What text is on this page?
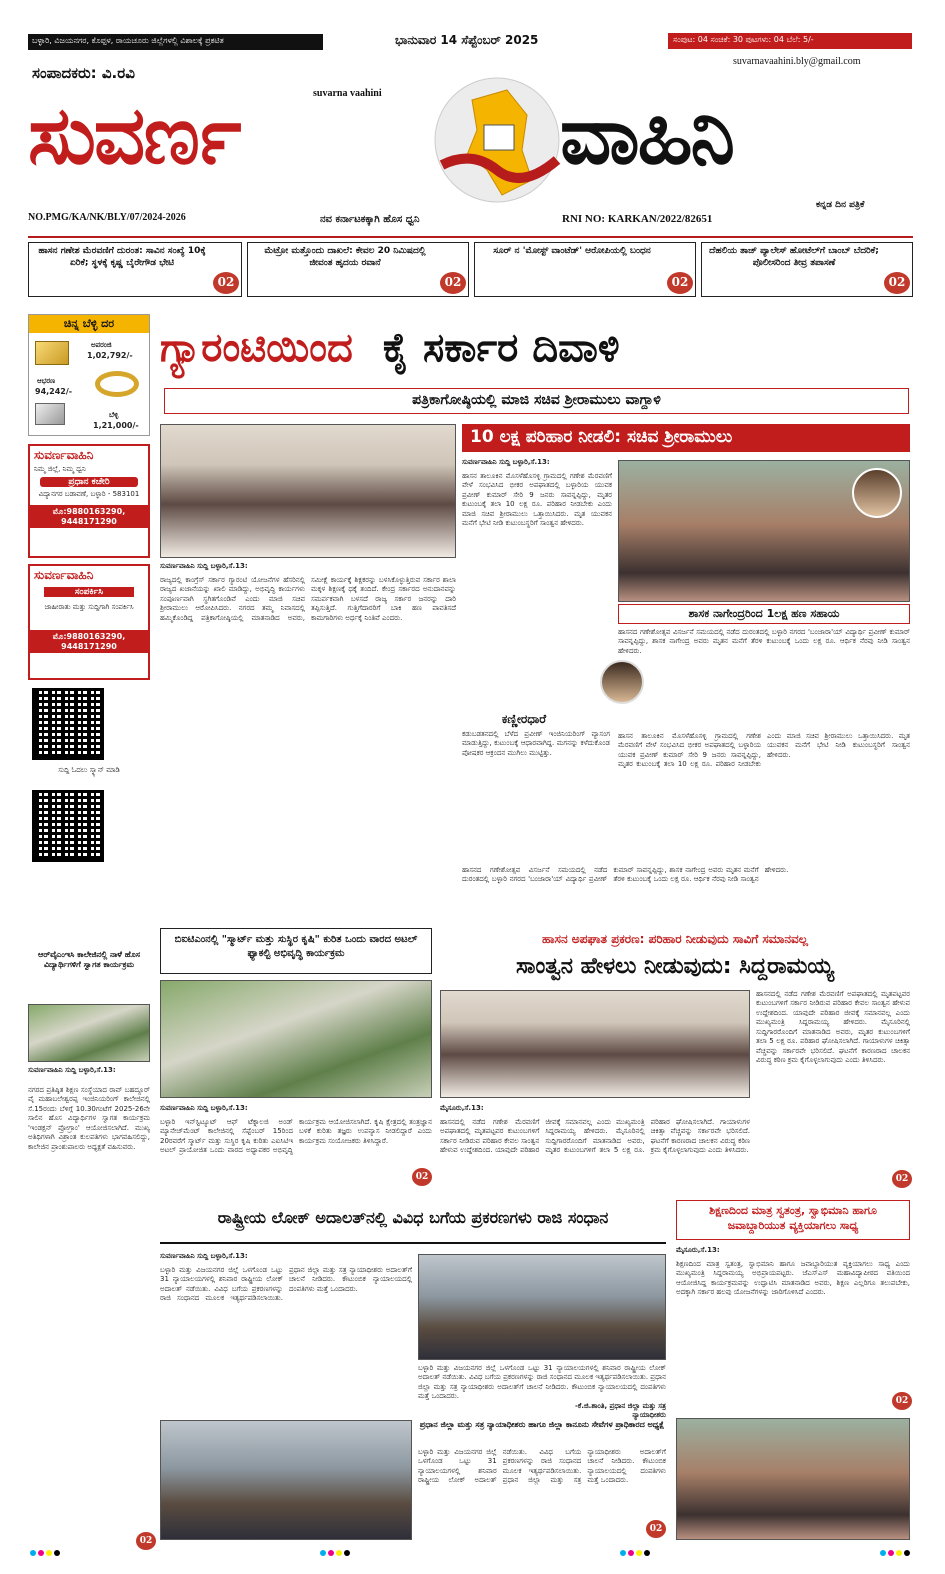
ಬಳ್ಳಾರಿ, ವಿಜಯನಗರ, ಕೊಪ್ಪಳ, ರಾಯಚೂರು ಜಿಲ್ಲೆಗಳಲ್ಲಿ ವಿಶಾಲಕ್ಕೆ ಪ್ರಕಟಿತ	ಭಾನುವಾರ 14 ಸೆಪ್ಟೆಂಬರ್ 2025	ಸಂಪುಟ: 04 ಸಂಚಿಕೆ: 30 ಪುಟಗಳು: 04 ಬೆಲೆ: 5/-
suvarnavaahini.bly@gmail.com
ಸಂಪಾದಕರು: ವಿ.ರವಿ
suvarna vaahini
ಸುವರ್ಣ	ವಾಹಿನಿ
NO.PMG/KA/NK/BLY/07/2024-2026	ನವ ಕರ್ನಾಟಕಕ್ಕಾಗಿ ಹೊಸ ಧ್ವನಿ	RNI NO: KARKAN/2022/82651
ಕನ್ನಡ ದಿನ ಪತ್ರಿಕೆ
ಹಾಸನ ಗಣೇಶ ಮೆರವಣಿಗೆ ದುರಂತ: ಸಾವಿನ ಸಂಖ್ಯೆ 10ಕ್ಕೆ ಏರಿಕೆ; ಸ್ಥಳಕ್ಕೆ ಕೃಷ್ಣ ಬೈರೇಗೌಡ ಭೇಟಿ
02
ಮೆಟ್ರೋ ಮತ್ತೊಂದು ದಾಖಲೆ: ಕೇವಲ 20 ನಿಮಿಷದಲ್ಲಿ ಜೀವಂತ ಹೃದಯ ರವಾನೆ
02
ಸೂರ್ ನ 'ಮೋಸ್ಟ್ ವಾಂಟೆಡ್' ಆರೋಪಿಯಲ್ಲಿ ಬಂಧನ
02
ದೆಹಲಿಯ ತಾಜ್ ಪ್ಯಾಲೇಸ್ ಹೋಟೆಲ್‌ಗೆ ಬಾಂಬ್ ಬೆದರಿಕೆ; ಪೊಲೀಸರಿಂದ ತೀವ್ರ ತಪಾಸಣೆ
02
ಚಿನ್ನ ಬೆಳ್ಳಿ ದರ
ಅಪರಂಜಿ
1,02,792/-
ಆಭರಣ
94,242/-
ಬೆಳ್ಳಿ
1,21,000/-
ಸುವರ್ಣವಾಹಿನಿ
ನಿಮ್ಮ ಜಿಲ್ಲೆ, ನಿಮ್ಮ ಧ್ವನಿ
ಪ್ರಧಾನ ಕಚೇರಿ
ವಿದ್ಯಾನಗರ ಬಡಾವಣೆ, ಬಳ್ಳಾರಿ - 583101
ಮೊ:9880163290, 9448171290
ಸುವರ್ಣವಾಹಿನಿ
ಸಂಪರ್ಕಿಸಿ
ಜಾಹೀರಾತು ಮತ್ತು ಸುದ್ದಿಗಾಗಿ ಸಂಪರ್ಕಿಸಿ
ಮೊ:9880163290, 9448171290
ಸುದ್ದಿ ಓದಲು ಸ್ಕ್ಯಾನ್ ಮಾಡಿ
ಆರ್‌ವೈಎಂಇಸಿ ಕಾಲೇಜಿನಲ್ಲಿ ನಾಳೆ ಹೊಸ ವಿದ್ಯಾರ್ಥಿಗಳಿಗೆ ಸ್ವಾಗತ ಕಾರ್ಯಕ್ರಮ
ಸುವರ್ಣವಾಹಿನಿ ಸುದ್ದಿ ಬಳ್ಳಾರಿ,ಸೆ.13:
ನಗರದ ಪ್ರತಿಷ್ಠಿತ ಶಿಕ್ಷಣ ಸಂಸ್ಥೆಯಾದ ರಾವ್ ಬಹದ್ದೂರ್ ವೈ ಮಹಾಬಲೇಶ್ವರಪ್ಪ ಇಂಜಿನಿಯರಿಂಗ್ ಕಾಲೇಜಿನಲ್ಲಿ ಸೆ.15ರಂದು ಬೆಳಿಗ್ಗೆ 10.30ಗಂಟೆಗೆ 2025-26ನೇ ಸಾಲಿನ ಹೊಸ ವಿದ್ಯಾರ್ಥಿಗಳ ಸ್ವಾಗತ ಕಾರ್ಯಕ್ರಮ 'ಇಂಡಕ್ಷನ್ ಪ್ರೋಗ್ರಾಂ' ಆಯೋಜಿಸಲಾಗಿದೆ. ಮುಖ್ಯ ಅತಿಥಿಗಳಾಗಿ ವಿಶ್ರಾಂತ ಕುಲಪತಿಗಳು ಭಾಗವಹಿಸಲಿದ್ದು, ಕಾಲೇಜಿನ ಪ್ರಾಂಶುಪಾಲರು ಅಧ್ಯಕ್ಷತೆ ವಹಿಸುವರು.
02
ಗ್ಯಾರಂಟಿಯಿಂದ ಕೈ ಸರ್ಕಾರ ದಿವಾಳಿ
ಪತ್ರಿಕಾಗೋಷ್ಠಿಯಲ್ಲಿ ಮಾಜಿ ಸಚಿವ ಶ್ರೀರಾಮುಲು ವಾಗ್ದಾಳಿ
ಸುವರ್ಣವಾಹಿನಿ ಸುದ್ದಿ ಬಳ್ಳಾರಿ,ಸೆ.13:
ರಾಜ್ಯದಲ್ಲಿ ಕಾಂಗ್ರೆಸ್ ಸರ್ಕಾರ ಗ್ಯಾರಂಟಿ ಯೋಜನೆಗಳ ಹೆಸರಿನಲ್ಲಿ ರಾಜ್ಯದ ಖಜಾನೆಯನ್ನು ಖಾಲಿ ಮಾಡಿದ್ದು, ಅಭಿವೃದ್ಧಿ ಕಾರ್ಯಗಳು ಸಂಪೂರ್ಣವಾಗಿ ಸ್ಥಗಿತಗೊಂಡಿವೆ ಎಂದು ಮಾಜಿ ಸಚಿವ ಶ್ರೀರಾಮುಲು ಆರೋಪಿಸಿದರು. ನಗರದ ತಮ್ಮ ನಿವಾಸದಲ್ಲಿ ಹಮ್ಮಿಕೊಂಡಿದ್ದ ಪತ್ರಿಕಾಗೋಷ್ಠಿಯಲ್ಲಿ ಮಾತನಾಡಿದ ಅವರು, ಸಮೀಕ್ಷೆ ಕಾರ್ಯಕ್ಕೆ ಶಿಕ್ಷಕರನ್ನು ಬಳಸಿಕೊಳ್ಳುತ್ತಿರುವ ಸರ್ಕಾರ ಶಾಲಾ ಮಕ್ಕಳ ಶಿಕ್ಷಣಕ್ಕೆ ಧಕ್ಕೆ ತಂದಿದೆ. ಕೇಂದ್ರ ಸರ್ಕಾರದ ಅನುದಾನವನ್ನು ಸಮರ್ಪಕವಾಗಿ ಬಳಸದೆ ರಾಜ್ಯ ಸರ್ಕಾರ ಜನರನ್ನು ದಾರಿ ತಪ್ಪಿಸುತ್ತಿದೆ. ಗುತ್ತಿಗೆದಾರರಿಗೆ ಬಾಕಿ ಹಣ ಪಾವತಿಸದೆ ಕಾಮಗಾರಿಗಳು ಅರ್ಧಕ್ಕೆ ನಿಂತಿವೆ ಎಂದರು.
10 ಲಕ್ಷ ಪರಿಹಾರ ನೀಡಲಿ: ಸಚಿವ ಶ್ರೀರಾಮುಲು
ಸುವರ್ಣವಾಹಿನಿ ಸುದ್ದಿ ಬಳ್ಳಾರಿ,ಸೆ.13:
ಹಾಸನ ತಾಲೂಕಿನ ಮೊಸಳೆಹೊಸಳ್ಳಿ ಗ್ರಾಮದಲ್ಲಿ ಗಣೇಶ ಮೆರವಣಿಗೆ ವೇಳೆ ಸಂಭವಿಸಿದ ಭೀಕರ ಅಪಘಾತದಲ್ಲಿ ಬಳ್ಳಾರಿಯ ಯುವಕ ಪ್ರವೀಣ್ ಕುಮಾರ್ ಸೇರಿ 9 ಜನರು ಸಾವನ್ನಪ್ಪಿದ್ದು, ಮೃತರ ಕುಟುಂಬಕ್ಕೆ ತಲಾ 10 ಲಕ್ಷ ರೂ. ಪರಿಹಾರ ನೀಡಬೇಕು ಎಂದು ಮಾಜಿ ಸಚಿವ ಶ್ರೀರಾಮುಲು ಒತ್ತಾಯಿಸಿದರು. ಮೃತ ಯುವಕನ ಮನೆಗೆ ಭೇಟಿ ನೀಡಿ ಕುಟುಂಬಸ್ಥರಿಗೆ ಸಾಂತ್ವನ ಹೇಳಿದರು.
ಶಾಸಕ ನಾಗೇಂದ್ರರಿಂದ 1ಲಕ್ಷ ಹಣ ಸಹಾಯ
ಹಾಸನದ ಗಣೇಶೋತ್ಸವ ವಿಸರ್ಜನೆ ಸಮಯದಲ್ಲಿ ನಡೆದ ದುರಂತದಲ್ಲಿ ಬಳ್ಳಾರಿ ನಗರದ 'ಬಂಜಾರಾ'ಯ್ ವಿದ್ಯಾರ್ಥಿ ಪ್ರವೀಣ್ ಕುಮಾರ್ ಸಾವನ್ನಪ್ಪಿದ್ದು, ಶಾಸಕ ನಾಗೇಂದ್ರ ಅವರು ಮೃತನ ಮನೆಗೆ ತೆರಳಿ ಕುಟುಂಬಕ್ಕೆ ಒಂದು ಲಕ್ಷ ರೂ. ಆರ್ಥಿಕ ನೆರವು ನೀಡಿ ಸಾಂತ್ವನ ಹೇಳಿದರು.
ಕಣ್ಣೀರಧಾರೆ
ಕಡುಬಡತನದಲ್ಲಿ ಬೆಳೆದ ಪ್ರವೀಣ್ ಇಂಜಿನಿಯರಿಂಗ್ ವ್ಯಾಸಂಗ ಮಾಡುತ್ತಿದ್ದು, ಕುಟುಂಬಕ್ಕೆ ಆಧಾರವಾಗಿದ್ದ. ಮಗನನ್ನು ಕಳೆದುಕೊಂಡ ಪೋಷಕರ ಆಕ್ರಂದನ ಮುಗಿಲು ಮುಟ್ಟಿತ್ತು.
ಹಾಸನ ತಾಲೂಕಿನ ಮೊಸಳೆಹೊಸಳ್ಳಿ ಗ್ರಾಮದಲ್ಲಿ ಗಣೇಶ ಮೆರವಣಿಗೆ ವೇಳೆ ಸಂಭವಿಸಿದ ಭೀಕರ ಅಪಘಾತದಲ್ಲಿ ಬಳ್ಳಾರಿಯ ಯುವಕ ಪ್ರವೀಣ್ ಕುಮಾರ್ ಸೇರಿ 9 ಜನರು ಸಾವನ್ನಪ್ಪಿದ್ದು, ಮೃತರ ಕುಟುಂಬಕ್ಕೆ ತಲಾ 10 ಲಕ್ಷ ರೂ. ಪರಿಹಾರ ನೀಡಬೇಕು ಎಂದು ಮಾಜಿ ಸಚಿವ ಶ್ರೀರಾಮುಲು ಒತ್ತಾಯಿಸಿದರು. ಮೃತ ಯುವಕನ ಮನೆಗೆ ಭೇಟಿ ನೀಡಿ ಕುಟುಂಬಸ್ಥರಿಗೆ ಸಾಂತ್ವನ ಹೇಳಿದರು.
ಹಾಸನದ ಗಣೇಶೋತ್ಸವ ವಿಸರ್ಜನೆ ಸಮಯದಲ್ಲಿ ನಡೆದ ದುರಂತದಲ್ಲಿ ಬಳ್ಳಾರಿ ನಗರದ 'ಬಂಜಾರಾ'ಯ್ ವಿದ್ಯಾರ್ಥಿ ಪ್ರವೀಣ್ ಕುಮಾರ್ ಸಾವನ್ನಪ್ಪಿದ್ದು, ಶಾಸಕ ನಾಗೇಂದ್ರ ಅವರು ಮೃತನ ಮನೆಗೆ ತೆರಳಿ ಕುಟುಂಬಕ್ಕೆ ಒಂದು ಲಕ್ಷ ರೂ. ಆರ್ಥಿಕ ನೆರವು ನೀಡಿ ಸಾಂತ್ವನ ಹೇಳಿದರು.
ಬಿಐಟಿಎಂನಲ್ಲಿ "ಸ್ಮಾರ್ಟ್ ಮತ್ತು ಸುಸ್ಥಿರ ಕೃಷಿ" ಕುರಿತ ಒಂದು ವಾರದ ಅಟಲ್ ಫ್ಯಾಕಲ್ಟಿ ಅಭಿವೃದ್ಧಿ ಕಾರ್ಯಕ್ರಮ
ಸುವರ್ಣವಾಹಿನಿ ಸುದ್ದಿ ಬಳ್ಳಾರಿ,ಸೆ.13:
ಬಳ್ಳಾರಿ ಇನ್‌ಸ್ಟಿಟ್ಯೂಟ್ ಆಫ್ ಟೆಕ್ನಾಲಜಿ ಅಂಡ್ ಮ್ಯಾನೇಜ್‌ಮೆಂಟ್ ಕಾಲೇಜಿನಲ್ಲಿ ಸೆಪ್ಟೆಂಬರ್ 15ರಿಂದ 20ರವರೆಗೆ ಸ್ಮಾರ್ಟ್ ಮತ್ತು ಸುಸ್ಥಿರ ಕೃಷಿ ಕುರಿತು ಎಐಸಿಟಿಇ ಅಟಲ್ ಪ್ರಾಯೋಜಿತ ಒಂದು ವಾರದ ಅಧ್ಯಾಪಕರ ಅಭಿವೃದ್ಧಿ ಕಾರ್ಯಕ್ರಮ ಆಯೋಜಿಸಲಾಗಿದೆ. ಕೃಷಿ ಕ್ಷೇತ್ರದಲ್ಲಿ ತಂತ್ರಜ್ಞಾನ ಬಳಕೆ ಕುರಿತು ತಜ್ಞರು ಉಪನ್ಯಾಸ ನೀಡಲಿದ್ದಾರೆ ಎಂದು ಕಾರ್ಯಕ್ರಮ ಸಂಯೋಜಕರು ತಿಳಿಸಿದ್ದಾರೆ.
02
ಹಾಸನ ಅಪಘಾತ ಪ್ರಕರಣ: ಪರಿಹಾರ ನೀಡುವುದು ಸಾವಿಗೆ ಸಮಾನವಲ್ಲ
ಸಾಂತ್ವನ ಹೇಳಲು ನೀಡುವುದು: ಸಿದ್ದರಾಮಯ್ಯ
ಮೈಸೂರು,ಸೆ.13:
ಹಾಸನದಲ್ಲಿ ನಡೆದ ಗಣೇಶ ಮೆರವಣಿಗೆ ಅಪಘಾತದಲ್ಲಿ ಮೃತಪಟ್ಟವರ ಕುಟುಂಬಗಳಿಗೆ ಸರ್ಕಾರ ನೀಡಿರುವ ಪರಿಹಾರ ಕೇವಲ ಸಾಂತ್ವನ ಹೇಳುವ ಉದ್ದೇಶದಿಂದ. ಯಾವುದೇ ಪರಿಹಾರ ಜೀವಕ್ಕೆ ಸಮಾನವಲ್ಲ ಎಂದು ಮುಖ್ಯಮಂತ್ರಿ ಸಿದ್ದರಾಮಯ್ಯ ಹೇಳಿದರು. ಮೈಸೂರಿನಲ್ಲಿ ಸುದ್ದಿಗಾರರೊಂದಿಗೆ ಮಾತನಾಡಿದ ಅವರು, ಮೃತರ ಕುಟುಂಬಗಳಿಗೆ ತಲಾ 5 ಲಕ್ಷ ರೂ. ಪರಿಹಾರ ಘೋಷಿಸಲಾಗಿದೆ. ಗಾಯಾಳುಗಳ ಚಿಕಿತ್ಸಾ ವೆಚ್ಚವನ್ನು ಸರ್ಕಾರವೇ ಭರಿಸಲಿದೆ. ಘಟನೆಗೆ ಕಾರಣರಾದ ಚಾಲಕನ ವಿರುದ್ಧ ಕಠಿಣ ಕ್ರಮ ಕೈಗೊಳ್ಳಲಾಗುವುದು ಎಂದು ತಿಳಿಸಿದರು.
ಹಾಸನದಲ್ಲಿ ನಡೆದ ಗಣೇಶ ಮೆರವಣಿಗೆ ಅಪಘಾತದಲ್ಲಿ ಮೃತಪಟ್ಟವರ ಕುಟುಂಬಗಳಿಗೆ ಸರ್ಕಾರ ನೀಡಿರುವ ಪರಿಹಾರ ಕೇವಲ ಸಾಂತ್ವನ ಹೇಳುವ ಉದ್ದೇಶದಿಂದ. ಯಾವುದೇ ಪರಿಹಾರ ಜೀವಕ್ಕೆ ಸಮಾನವಲ್ಲ ಎಂದು ಮುಖ್ಯಮಂತ್ರಿ ಸಿದ್ದರಾಮಯ್ಯ ಹೇಳಿದರು. ಮೈಸೂರಿನಲ್ಲಿ ಸುದ್ದಿಗಾರರೊಂದಿಗೆ ಮಾತನಾಡಿದ ಅವರು, ಮೃತರ ಕುಟುಂಬಗಳಿಗೆ ತಲಾ 5 ಲಕ್ಷ ರೂ. ಪರಿಹಾರ ಘೋಷಿಸಲಾಗಿದೆ. ಗಾಯಾಳುಗಳ ಚಿಕಿತ್ಸಾ ವೆಚ್ಚವನ್ನು ಸರ್ಕಾರವೇ ಭರಿಸಲಿದೆ. ಘಟನೆಗೆ ಕಾರಣರಾದ ಚಾಲಕನ ವಿರುದ್ಧ ಕಠಿಣ ಕ್ರಮ ಕೈಗೊಳ್ಳಲಾಗುವುದು ಎಂದು ತಿಳಿಸಿದರು.
02
ರಾಷ್ಟ್ರೀಯ ಲೋಕ್ ಅದಾಲತ್‌ನಲ್ಲಿ ವಿವಿಧ ಬಗೆಯ ಪ್ರಕರಣಗಳು ರಾಜಿ ಸಂಧಾನ
ಸುವರ್ಣವಾಹಿನಿ ಸುದ್ದಿ ಬಳ್ಳಾರಿ,ಸೆ.13:
ಬಳ್ಳಾರಿ ಮತ್ತು ವಿಜಯನಗರ ಜಿಲ್ಲೆ ಒಳಗೊಂಡ ಒಟ್ಟು 31 ನ್ಯಾಯಾಲಯಗಳಲ್ಲಿ ಶನಿವಾರ ರಾಷ್ಟ್ರೀಯ ಲೋಕ್ ಅದಾಲತ್ ನಡೆಯಿತು. ವಿವಿಧ ಬಗೆಯ ಪ್ರಕರಣಗಳನ್ನು ರಾಜಿ ಸಂಧಾನದ ಮೂಲಕ ಇತ್ಯರ್ಥಪಡಿಸಲಾಯಿತು. ಪ್ರಧಾನ ಜಿಲ್ಲಾ ಮತ್ತು ಸತ್ರ ನ್ಯಾಯಾಧೀಶರು ಅದಾಲತ್‌ಗೆ ಚಾಲನೆ ನೀಡಿದರು. ಕೌಟುಂಬಿಕ ನ್ಯಾಯಾಲಯದಲ್ಲಿ ದಂಪತಿಗಳು ಮತ್ತೆ ಒಂದಾದರು.
ಬಳ್ಳಾರಿ ಮತ್ತು ವಿಜಯನಗರ ಜಿಲ್ಲೆ ಒಳಗೊಂಡ ಒಟ್ಟು 31 ನ್ಯಾಯಾಲಯಗಳಲ್ಲಿ ಶನಿವಾರ ರಾಷ್ಟ್ರೀಯ ಲೋಕ್ ಅದಾಲತ್ ನಡೆಯಿತು. ವಿವಿಧ ಬಗೆಯ ಪ್ರಕರಣಗಳನ್ನು ರಾಜಿ ಸಂಧಾನದ ಮೂಲಕ ಇತ್ಯರ್ಥಪಡಿಸಲಾಯಿತು. ಪ್ರಧಾನ ಜಿಲ್ಲಾ ಮತ್ತು ಸತ್ರ ನ್ಯಾಯಾಧೀಶರು ಅದಾಲತ್‌ಗೆ ಚಾಲನೆ ನೀಡಿದರು. ಕೌಟುಂಬಿಕ ನ್ಯಾಯಾಲಯದಲ್ಲಿ ದಂಪತಿಗಳು ಮತ್ತೆ ಒಂದಾದರು.
-ಕೆ.ಜಿ.ಶಾಂತಿ, ಪ್ರಧಾನ ಜಿಲ್ಲಾ ಮತ್ತು ಸತ್ರ ನ್ಯಾಯಾಧೀಶರು
ಪ್ರಧಾನ ಜಿಲ್ಲಾ ಮತ್ತು ಸತ್ರ ನ್ಯಾಯಾಧೀಶರು ಹಾಗೂ ಜಿಲ್ಲಾ ಕಾನೂನು ಸೇವೆಗಳ ಪ್ರಾಧಿಕಾರದ ಅಧ್ಯಕ್ಷೆ
ಬಳ್ಳಾರಿ ಮತ್ತು ವಿಜಯನಗರ ಜಿಲ್ಲೆ ಒಳಗೊಂಡ ಒಟ್ಟು 31 ನ್ಯಾಯಾಲಯಗಳಲ್ಲಿ ಶನಿವಾರ ರಾಷ್ಟ್ರೀಯ ಲೋಕ್ ಅದಾಲತ್ ನಡೆಯಿತು. ವಿವಿಧ ಬಗೆಯ ಪ್ರಕರಣಗಳನ್ನು ರಾಜಿ ಸಂಧಾನದ ಮೂಲಕ ಇತ್ಯರ್ಥಪಡಿಸಲಾಯಿತು. ಪ್ರಧಾನ ಜಿಲ್ಲಾ ಮತ್ತು ಸತ್ರ ನ್ಯಾಯಾಧೀಶರು ಅದಾಲತ್‌ಗೆ ಚಾಲನೆ ನೀಡಿದರು. ಕೌಟುಂಬಿಕ ನ್ಯಾಯಾಲಯದಲ್ಲಿ ದಂಪತಿಗಳು ಮತ್ತೆ ಒಂದಾದರು.
02
ಶಿಕ್ಷಣದಿಂದ ಮಾತ್ರ ಸ್ವತಂತ್ರ, ಸ್ವಾಭಿಮಾನಿ ಹಾಗೂ ಜವಾಬ್ದಾರಿಯುತ ವ್ಯಕ್ತಿಯಾಗಲು ಸಾಧ್ಯ
ಮೈಸೂರು,ಸೆ.13:
ಶಿಕ್ಷಣದಿಂದ ಮಾತ್ರ ಸ್ವತಂತ್ರ, ಸ್ವಾಭಿಮಾನಿ ಹಾಗೂ ಜವಾಬ್ದಾರಿಯುತ ವ್ಯಕ್ತಿಯಾಗಲು ಸಾಧ್ಯ ಎಂದು ಮುಖ್ಯಮಂತ್ರಿ ಸಿದ್ದರಾಮಯ್ಯ ಅಭಿಪ್ರಾಯಪಟ್ಟರು. ಜೆಎಸ್‌ಎಸ್ ಮಹಾವಿದ್ಯಾಪೀಠದ ವತಿಯಿಂದ ಆಯೋಜಿಸಿದ್ದ ಕಾರ್ಯಕ್ರಮವನ್ನು ಉದ್ಘಾಟಿಸಿ ಮಾತನಾಡಿದ ಅವರು, ಶಿಕ್ಷಣ ಎಲ್ಲರಿಗೂ ತಲುಪಬೇಕು, ಅದಕ್ಕಾಗಿ ಸರ್ಕಾರ ಹಲವು ಯೋಜನೆಗಳನ್ನು ಜಾರಿಗೊಳಿಸಿದೆ ಎಂದರು.
02
